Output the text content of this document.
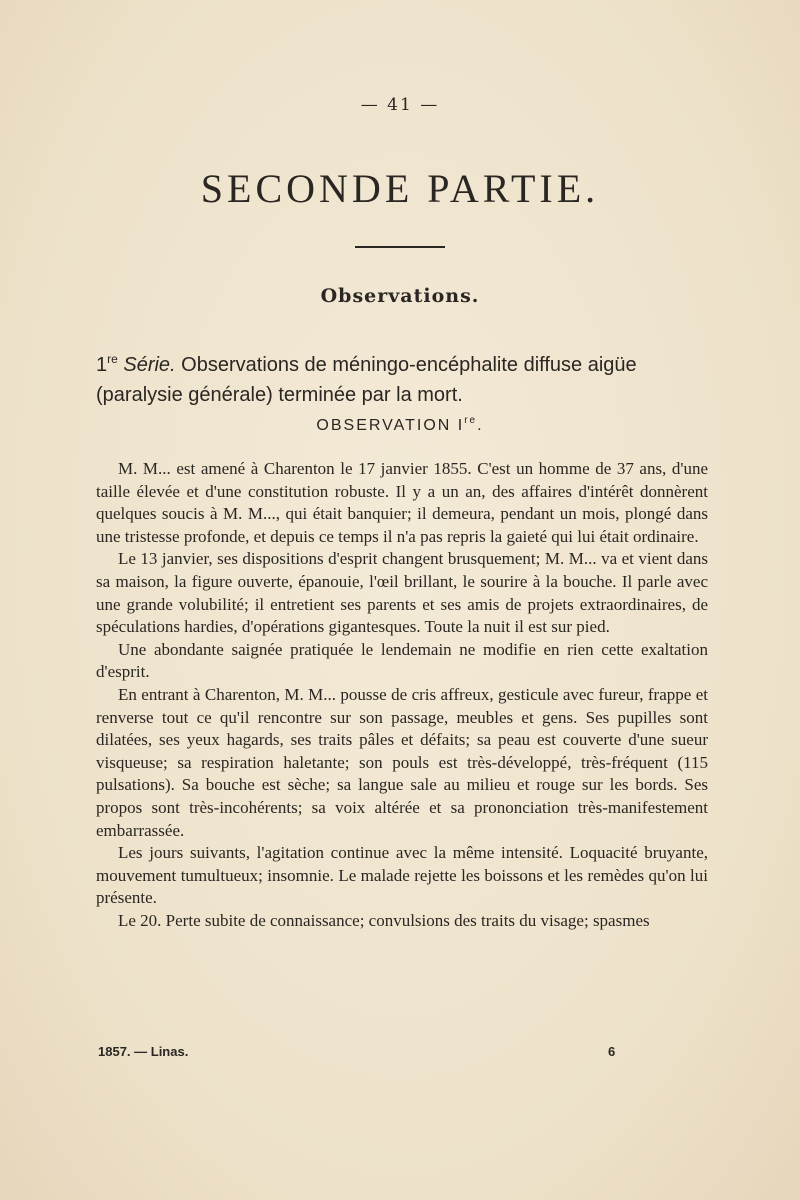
— 41 —
SECONDE PARTIE.
Observations.
1re Série. Observations de méningo-encéphalite diffuse aigüe (paralysie générale) terminée par la mort.
OBSERVATION Ire.

M. M... est amené à Charenton le 17 janvier 1855. C'est un homme de 37 ans, d'une taille élevée et d'une constitution robuste. Il y a un an, des affaires d'intérêt donnèrent quelques soucis à M. M..., qui était banquier; il demeura, pendant un mois, plongé dans une tristesse profonde, et depuis ce temps il n'a pas repris la gaieté qui lui était ordinaire.

Le 13 janvier, ses dispositions d'esprit changent brusquement; M. M... va et vient dans sa maison, la figure ouverte, épanouie, l'œil brillant, le sourire à la bouche. Il parle avec une grande volubilité; il entretient ses parents et ses amis de projets extraordinaires, de spéculations hardies, d'opérations gigantesques. Toute la nuit il est sur pied.

Une abondante saignée pratiquée le lendemain ne modifie en rien cette exaltation d'esprit.

En entrant à Charenton, M. M... pousse de cris affreux, gesticule avec fureur, frappe et renverse tout ce qu'il rencontre sur son passage, meubles et gens. Ses pupilles sont dilatées, ses yeux hagards, ses traits pâles et défaits; sa peau est couverte d'une sueur visqueuse; sa respiration haletante; son pouls est très-développé, très-fréquent (115 pulsations). Sa bouche est sèche; sa langue sale au milieu et rouge sur les bords. Ses propos sont très-incohérents; sa voix altérée et sa prononciation très-manifestement embarrassée.

Les jours suivants, l'agitation continue avec la même intensité. Loquacité bruyante, mouvement tumultueux; insomnie. Le malade rejette les boissons et les remèdes qu'on lui présente.

Le 20. Perte subite de connaissance; convulsions des traits du visage; spasmes

1857. — Linas.	6
